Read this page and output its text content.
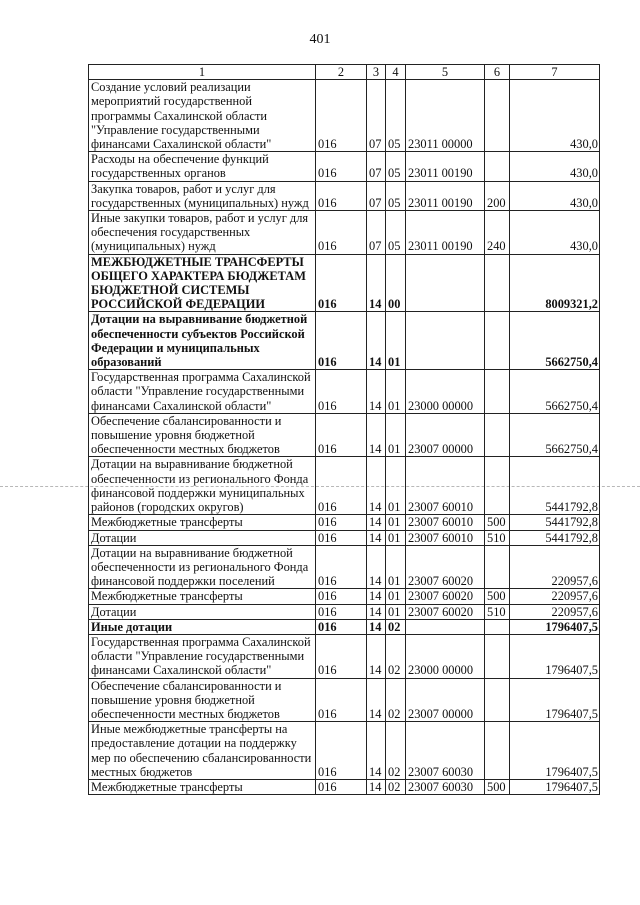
401
1	2	3	4	5	6	7
Создание условий реализации мероприятий государственной программы Сахалинской области "Управление государственными финансами Сахалинской области"	016	07	05	23011 00000		430,0
Расходы на обеспечение функций государственных органов	016	07	05	23011 00190		430,0
Закупка товаров, работ и услуг для государственных (муниципальных) нужд	016	07	05	23011 00190	200	430,0
Иные закупки товаров, работ и услуг для обеспечения государственных (муниципальных) нужд	016	07	05	23011 00190	240	430,0
МЕЖБЮДЖЕТНЫЕ ТРАНСФЕРТЫ ОБЩЕГО ХАРАКТЕРА БЮДЖЕТАМ БЮДЖЕТНОЙ СИСТЕМЫ РОССИЙСКОЙ ФЕДЕРАЦИИ	016	14	00			8009321,2
Дотации на выравнивание бюджетной обеспеченности субъектов Российской Федерации и муниципальных образований	016	14	01			5662750,4
Государственная программа Сахалинской области "Управление государственными финансами Сахалинской области"	016	14	01	23000 00000		5662750,4
Обеспечение сбалансированности и повышение уровня бюджетной обеспеченности местных бюджетов	016	14	01	23007 00000		5662750,4
Дотации на выравнивание бюджетной обеспеченности из регионального Фонда финансовой поддержки муниципальных районов (городских округов)	016	14	01	23007 60010		5441792,8
Межбюджетные трансферты	016	14	01	23007 60010	500	5441792,8
Дотации	016	14	01	23007 60010	510	5441792,8
Дотации на выравнивание бюджетной обеспеченности из регионального Фонда финансовой поддержки поселений	016	14	01	23007 60020		220957,6
Межбюджетные трансферты	016	14	01	23007 60020	500	220957,6
Дотации	016	14	01	23007 60020	510	220957,6
Иные дотации	016	14	02			1796407,5
Государственная программа Сахалинской области "Управление государственными финансами Сахалинской области"	016	14	02	23000 00000		1796407,5
Обеспечение сбалансированности и повышение уровня бюджетной обеспеченности местных бюджетов	016	14	02	23007 00000		1796407,5
Иные межбюджетные трансферты на предоставление дотации на поддержку мер по обеспечению сбалансированности местных бюджетов	016	14	02	23007 60030		1796407,5
Межбюджетные трансферты	016	14	02	23007 60030	500	1796407,5
